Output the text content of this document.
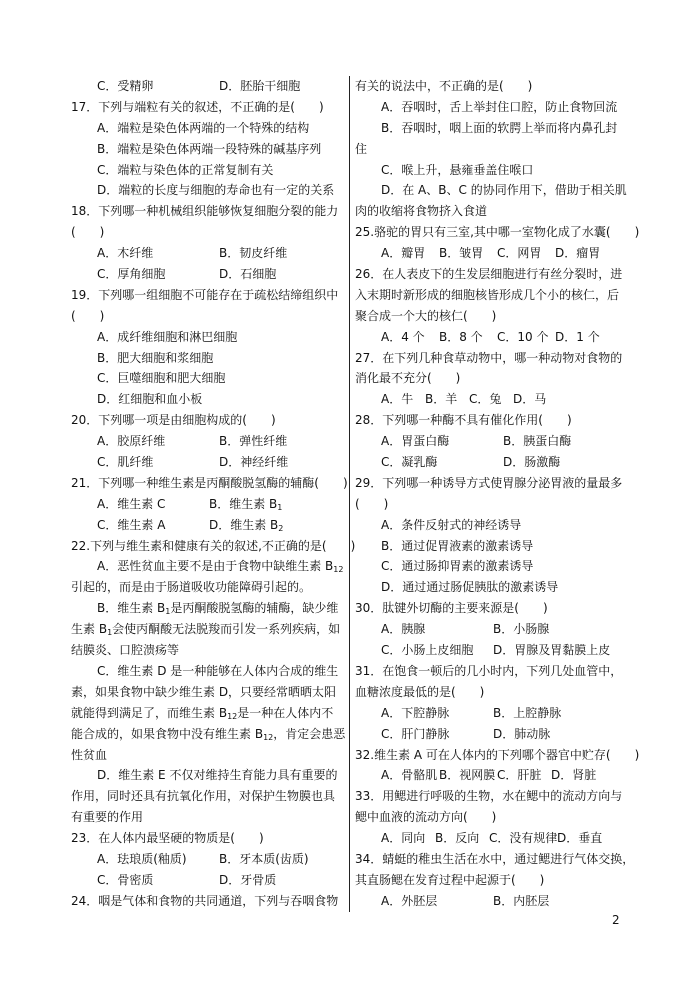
C．受精卵	D．胚胎干细胞
17．下列与端粒有关的叙述，不正确的是(　　)
A．端粒是染色体两端的一个特殊的结构
B．端粒是染色体两端一段特殊的碱基序列
C．端粒与染色体的正常复制有关
D．端粒的长度与细胞的寿命也有一定的关系
18．下列哪一种机械组织能够恢复细胞分裂的能力
(　　)
A．木纤维	B．韧皮纤维
C．厚角细胞	D．石细胞
19．下列哪一组细胞不可能存在于疏松结缔组织中
(　　)
A．成纤维细胞和淋巴细胞
B．肥大细胞和浆细胞
C．巨噬细胞和肥大细胞
D．红细胞和血小板
20．下列哪一项是由细胞构成的(　　)
A．胶原纤维	B．弹性纤维
C．肌纤维	D．神经纤维
21．下列哪一种维生素是丙酮酸脱氢酶的辅酶(　　)
A．维生素 C	B．维生素 $B_1$
C．维生素 A	D．维生素 $B_2$
22.下列与维生素和健康有关的叙述,不正确的是(　　)
A．恶性贫血主要不是由于食物中缺维生素 $B_{12}$
引起的，而是由于肠道吸收功能障碍引起的。
B．维生素 $B_1$是丙酮酸脱氢酶的辅酶，缺少维
生素 $B_1$会使丙酮酸无法脱羧而引发一系列疾病，如
结膜炎、口腔溃疡等
C．维生素 D 是一种能够在人体内合成的维生
素，如果食物中缺少维生素 D，只要经常晒晒太阳
就能得到满足了，而维生素 $B_{12}$是一种在人体内不
能合成的，如果食物中没有维生素 $B_{12}$，肯定会患恶
性贫血
D．维生素 E 不仅对维持生育能力具有重要的
作用，同时还具有抗氧化作用，对保护生物膜也具
有重要的作用
23．在人体内最坚硬的物质是(　　)
A．珐琅质(釉质)	B．牙本质(齿质)
C．骨密质	D．牙骨质
24．咽是气体和食物的共同通道，下列与吞咽食物
有关的说法中，不正确的是(　　)
A．吞咽时，舌上举封住口腔，防止食物回流
B．吞咽时，咽上面的软腭上举而将内鼻孔封
住
C．喉上升，悬雍垂盖住喉口
D．在 A、B、C 的协同作用下，借助于相关肌
肉的收缩将食物挤入食道
25.骆驼的胃只有三室,其中哪一室物化成了水囊(　　)
A．瓣胃 B．皱胃 C．网胃 D．瘤胃
26．在人表皮下的生发层细胞进行有丝分裂时，进
入末期时新形成的细胞核皆形成几个小的核仁，后
聚合成一个大的核仁(　　)
A．4 个 B．8 个 C．10 个 D．1 个
27．在下列几种食草动物中，哪一种动物对食物的
消化最不充分(　　)
A．牛 B．羊 C．兔 D．马
28．下列哪一种酶不具有催化作用(　　)
A．胃蛋白酶	B．胰蛋白酶
C．凝乳酶	D．肠激酶
29．下列哪一种诱导方式使胃腺分泌胃液的量最多
(　　)
A．条件反射式的神经诱导
B．通过促胃液素的激素诱导
C．通过肠抑胃素的激素诱导
D．通过通过肠促胰肽的激素诱导
30．肽键外切酶的主要来源是(　　)
A．胰腺	B．小肠腺
C．小肠上皮细胞 D．胃腺及胃黏膜上皮
31．在饱食一顿后的几小时内，下列几处血管中，
血糖浓度最低的是(　　)
A．下腔静脉	B．上腔静脉
C．肝门静脉	D．肺动脉
32.维生素 A 可在人体内的下列哪个器官中贮存(　　)
A．骨骼肌 B．视网膜 C．肝脏 D．肾脏
33．用鳃进行呼吸的生物，水在鳃中的流动方向与
鳃中血液的流动方向(　　)
A．同向 B．反向 C．没有规律D．垂直
34．蜻蜓的稚虫生活在水中，通过鳃进行气体交换，
其直肠鳃在发育过程中起源于(　　)
A．外胚层	B．内胚层
2
